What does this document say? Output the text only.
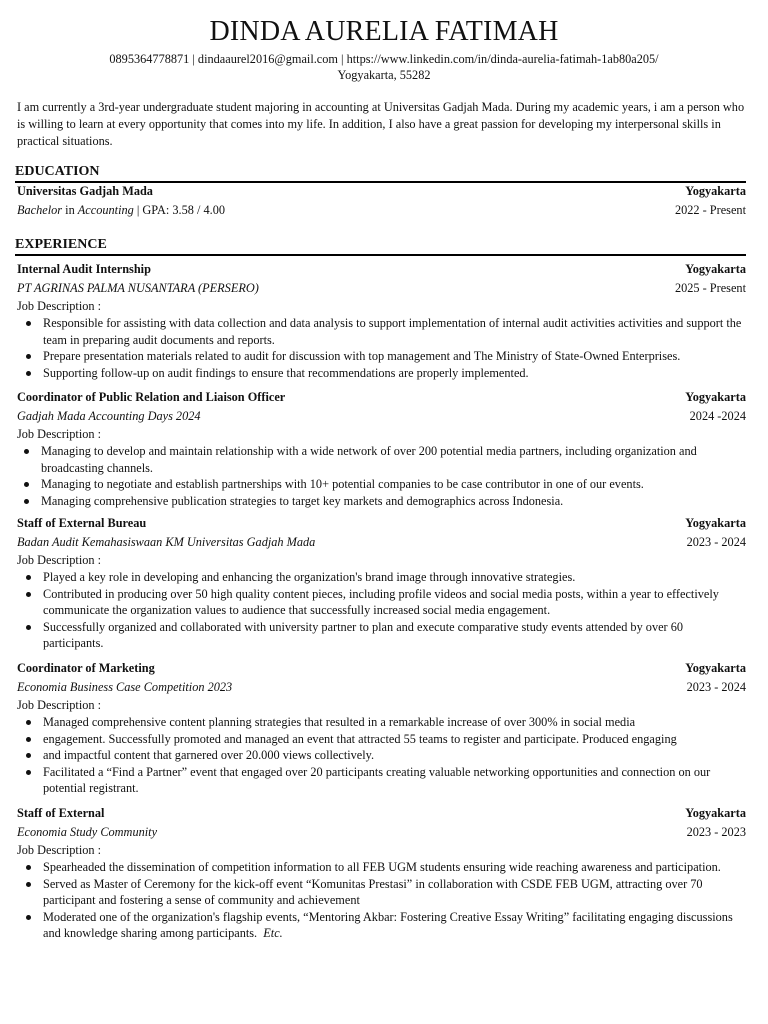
DINDA AURELIA FATIMAH
0895364778871 | dindaaurel2016@gmail.com | https://www.linkedin.com/in/dinda-aurelia-fatimah-1ab80a205/
Yogyakarta, 55282
I am currently a 3rd-year undergraduate student majoring in accounting at Universitas Gadjah Mada. During my academic years, i am a person who is willing to learn at every opportunity that comes into my life. In addition, I also have a great passion for developing my interpersonal skills in practical situations.
EDUCATION
Universitas Gadjah Mada	Yogyakarta
Bachelor in Accounting | GPA: 3.58 / 4.00	2022 - Present
EXPERIENCE
Internal Audit Internship	Yogyakarta
PT AGRINAS PALMA NUSANTARA (PERSERO)	2025 - Present
Job Description :
Responsible for assisting with data collection and data analysis to support implementation of internal audit activities activities and support the team in preparing audit documents and reports.
Prepare presentation materials related to audit for discussion with top management and The Ministry of State-Owned Enterprises.
Supporting follow-up on audit findings to ensure that recommendations are properly implemented.
Coordinator of Public Relation and Liaison Officer	Yogyakarta
Gadjah Mada Accounting Days 2024	2024 -2024
Job Description :
Managing to develop and maintain relationship with a wide network of over 200 potential media partners, including organization and broadcasting channels.
Managing to negotiate and establish partnerships with 10+ potential companies to be case contributor in one of our events.
Managing comprehensive publication strategies to target key markets and demographics across Indonesia.
Staff of External Bureau	Yogyakarta
Badan Audit Kemahasiswaan KM Universitas Gadjah Mada	2023 - 2024
Job Description :
Played a key role in developing and enhancing the organization's brand image through innovative strategies.
Contributed in producing over 50 high quality content pieces, including profile videos and social media posts, within a year to effectively communicate the organization values to audience that successfully increased social media engagement.
Successfully organized and collaborated with university partner to plan and execute comparative study events attended by over 60 participants.
Coordinator of Marketing	Yogyakarta
Economia Business Case Competition 2023	2023 - 2024
Job Description :
Managed comprehensive content planning strategies that resulted in a remarkable increase of over 300% in social media
engagement. Successfully promoted and managed an event that attracted 55 teams to register and participate. Produced engaging
and impactful content that garnered over 20.000 views collectively.
Facilitated a “Find a Partner” event that engaged over 20 participants creating valuable networking opportunities and connection on our potential registrant.
Staff of External	Yogyakarta
Economia Study Community	2023 - 2023
Job Description :
Spearheaded the dissemination of competition information to all FEB UGM students ensuring wide reaching awareness and participation.
Served as Master of Ceremony for the kick-off event “Komunitas Prestasi” in collaboration with CSDE FEB UGM, attracting over 70 participant and fostering a sense of community and achievement
Moderated one of the organization's flagship events, “Mentoring Akbar: Fostering Creative Essay Writing” facilitating engaging discussions and knowledge sharing among participants. Etc.
